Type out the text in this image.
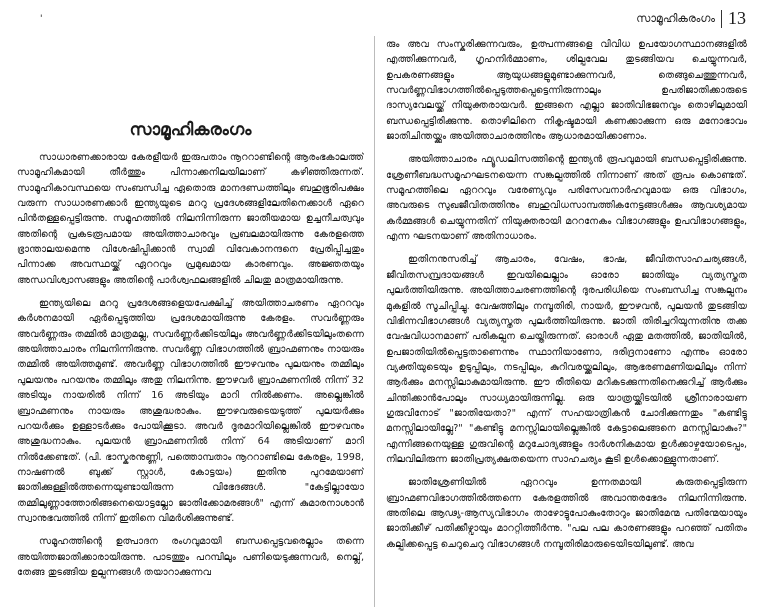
'	സാമൂഹികരംഗം 13

സാധാരണക്കാരായ കേരളീയർ ഇരുപതാം നൂററാണ്ടിന്റെ ആരംഭകാലത്ത് സാമൂഹികമായി തീർത്തും പിന്നാക്കനിലയിലാണ് കഴിഞ്ഞിരുന്നത്. സാമൂഹികാവസ്ഥയെ സംബന്ധിച്ച ഏതൊരു മാനദണ്ഡത്തിലും ബഹുഭൂരിപക്ഷം വരുന്ന സാധാരണക്കാർ ഇന്ത്യയുടെ മററു പ്രദേശങ്ങളിലേതിനെക്കാൾ ഏറെ പിൻതള്ളപ്പെട്ടിരുന്നു. സമൂഹത്തിൽ നിലനിന്നിരുന്ന ജാതീയമായ ഉച്ചനീചത്വവും അതിന്റെ പ്രകടരൂപമായ അയിത്താചാരവും പ്രബലമായിരുന്നു കേരളത്തെ ഭ്രാന്താലയമെന്നു വിശേഷിപ്പിക്കാൻ സ്വാമി വിവേകാനന്ദനെ പ്രേരിപ്പിച്ചതും പിന്നാക്ക അവസ്ഥയ്ക്ക് ഏററവും പ്രമുഖമായ കാരണവും. അജ്ഞതയും അന്ധവിശ്വാസങ്ങളും അതിന്റെ പാർശ്വഫലങ്ങളിൽ ചിലതു മാത്രമായിരുന്നു.

ഇന്ത്യയിലെ മററു പ്രദേശങ്ങളെയപേക്ഷിച്ച് അയിത്താചരണം ഏററവും കർശനമായി ഏർപ്പെടുത്തിയ പ്രദേശമായിരുന്നു കേരളം. സവർണ്ണരും അവർണ്ണരും തമ്മിൽ മാത്രമല്ല, സവർണ്ണർക്കിടയിലും അവർണ്ണർക്കിടയിലുംതന്നെ അയിത്താചാരം നിലനിന്നിരുന്നു. സവർണ്ണ വിഭാഗത്തിൽ ബ്രാഹ്മണനും നായരും തമ്മിൽ അയിത്തമുണ്ട്. അവർണ്ണ വിഭാഗത്തിൽ ഈഴവനും പുലയനും തമ്മിലും പുലയനും പറയനും തമ്മിലും അതു നിലനിന്നു. ഈഴവർ ബ്രാഹ്മണനിൽ നിന്ന് 32 അടിയും നായരിൽ നിന്ന് 16 അടിയും മാറി നിൽക്കണം. അല്ലെങ്കിൽ ബ്രാഹ്മണനും നായരും അശുദ്ധരാകും. ഈഴവരുടെയടുത്ത് പുലയർക്കും പറയർക്കും ഉള്ളാടർക്കും പോയിക്കൂടാ. അവർ ദൂരമാറിയില്ലെങ്കിൽ ഈഴവനും അശുദ്ധനാകും. പുലയൻ ബ്രാഹ്മണനിൽ നിന്ന് 64 അടിയാണ് മാറി നിൽക്കേണ്ടത്. (പി. ഭാസ്കരനുണ്ണി, പത്തൊമ്പതാം നൂററാണ്ടിലെ കേരളം, 1998, നാഷണൽ ബുക്ക് സ്റ്റാൾ, കോട്ടയം) ഇതിനു പുറമേയാണ് ജാതിക്കുള്ളിൽത്തന്നെയുണ്ടായിരുന്ന വിഭേദങ്ങൾ. "കേട്ടില്ലായോ തമ്മിലുണ്ണാത്തോരിങ്ങനെയൊട്ടല്ലോ ജാതിക്കോമരങ്ങൾ" എന്ന് കുമാരനാശാൻ സ്വാനുഭവത്തിൽ നിന്ന് ഇതിനെ വിമർശിക്കുന്നുണ്ട്.

സമൂഹത്തിന്റെ ഉത്പാദന രംഗവുമായി ബന്ധപ്പെട്ടവരെല്ലാം തന്നെ അയിത്തജാതിക്കാരായിരുന്നു. പാടത്തും പറമ്പിലും പണിയെടുക്കുന്നവർ, നെല്ല്, തേങ്ങ തുടങ്ങിയ ഉല്പന്നങ്ങൾ തയാറാക്കുന്നവ

സാമൂഹികരംഗം

രും അവ സംസ്കരിക്കുന്നവരും, ഉത്പന്നങ്ങളെ വിവിധ ഉപയോഗസ്ഥാനങ്ങളിൽ എത്തിക്കുന്നവർ, ഗൃഹനിർമ്മാണം, ശില്പവേല തുടങ്ങിയവ ചെയ്യുന്നവർ, ഉപകരണങ്ങളും ആയുധങ്ങളുമുണ്ടാക്കുന്നവർ, തെങ്ങുചെത്തുന്നവർ, സവർണ്ണവിഭാഗത്തിൽപ്പെടുത്തപ്പെട്ടെന്നിരുന്നാലും ഉപരിജാതിക്കാരുടെ ദാസ്യവേലയ്ക്ക് നിയുക്തരായവർ. ഇങ്ങനെ എല്ലാ ജാതിവിഭജനവും തൊഴിലുമായി ബന്ധപ്പെട്ടിരിക്കുന്നു. തൊഴിലിനെ നികൃഷ്ടമായി കണക്കാക്കുന്ന ഒരു മനോഭാവം ജാതിചിന്തയ്ക്കും അയിത്താചാരത്തിനും ആധാരമായിക്കാണാം.

അയിത്താചാരം ഫ്യൂഡലിസത്തിന്റെ ഇന്ത്യൻ രൂപവുമായി ബന്ധപ്പെട്ടിരിക്കുന്നു. ശ്രേണീബദ്ധസമൂഹഘടനയെന്ന സങ്കല്പത്തിൽ നിന്നാണ് അത് രൂപം കൊണ്ടത്. സമൂഹത്തിലെ ഏററവും വരേണ്യവും പരിസേവനാർഹവുമായ ഒരു വിഭാഗം, അവരുടെ സുഖജീവിതത്തിനും ബഹുവിധസാമ്പത്തികനേട്ടങ്ങൾക്കും ആവശ്യമായ കർമ്മങ്ങൾ ചെയ്യുന്നതിന് നിയുക്തരായി മററനേകം വിഭാഗങ്ങളും ഉപവിഭാഗങ്ങളും, എന്ന ഘടനയാണ് അതിനാധാരം.

ഇതിനനുസരിച്ച് ആചാരം, വേഷം, ഭാഷ, ജീവിതസാഹചര്യങ്ങൾ, ജീവിതസമ്പ്രദായങ്ങൾ ഇവയിലെല്ലാം ഓരോ ജാതിയും വ്യത്യസ്തത പുലർത്തിയിരുന്നു. അയിത്താചരണത്തിന്റെ ദുരപരിധിയെ സംബന്ധിച്ച സങ്കല്പനം മുകളിൽ സൂചിപ്പിച്ചു. വേഷത്തിലും നമ്പൂതിരി, നായർ, ഈഴവൻ, പുലയൻ തുടങ്ങിയ വിഭിന്നവിഭാഗങ്ങൾ വ്യത്യസ്തത പുലർത്തിയിരുന്നു. ജാതി തിരിച്ചറിയുന്നതിനു തക്ക വേഷവിധാനമാണ് പരികല്പന ചെയ്തിരുന്നത്. ഓരാൾ ഏതു മതത്തിൽ, ജാതിയിൽ, ഉപജാതിയിൽപ്പെട്ടതാണെന്നും സ്ഥാനിയാണോ, ദരിദ്രനാണോ എന്നും ഓരോ വ്യക്തിയുടെയും ഉടുപ്പിലും, നടപ്പിലും, കുറിവരയ്ക്കലിലും, ആഭരണമണിയലിലും നിന്ന് ആർക്കും മനസ്സിലാകുമായിരുന്നു. ഈ രീതിയെ മറികടക്കുന്നതിനെക്കുറിച്ച് ആർക്കും ചിന്തിക്കാൻപോലും സാധ്യമായിരുന്നില്ല. ഒരു യാത്രയ്ക്കിടയിൽ ശ്രീനാരായണ ഗുരുവിനോട് "ജാതിയേതാ?" എന്ന് സഹയാത്രികൻ ചോദിക്കുന്നതും "കണ്ടിട്ടു മനസ്സിലായില്ലേ?" "കണ്ടിട്ടു മനസ്സിലായില്ലെങ്കിൽ കേട്ടാലെങ്ങനെ മനസ്സിലാകും?" എന്നിങ്ങനെയുള്ള ഗുരുവിന്റെ മറുചോദ്യങ്ങളും ദാർശനികമായ ഉൾക്കാഴ്ചയോടെപ്പം, നിലവിലിരുന്ന ജാതിപ്രത്യക്ഷതയെന്ന സാഹചര്യം കൂടി ഉൾക്കൊള്ളുന്നതാണ്.

ജാതിശ്രേണിയിൽ ഏററവും ഉന്നതമായി കരുതപ്പെട്ടിരുന്ന ബ്രാഹ്മണവിഭാഗത്തിൽത്തന്നെ കേരളത്തിൽ അവാന്തരഭേദം നിലനിന്നിരുന്നു. അതിലെ ആഢ്യ-ആസ്യവിഭാഗം താഴോട്ടുപോകുംതോറും ജാതിമേന്മ പതിന്മേയായും ജാതിക്കീഴ് പതിക്കീഴ്വായും മാററ്റിത്തീർന്നു. "പല പല കാരണങ്ങളും പറഞ്ഞ് പതിതം കല്പിക്കപ്പെട്ട ചെറുചെറു വിഭാഗങ്ങൾ നമ്പൂതിരിമാരുടെയിടയിലുണ്ട്. അവ
